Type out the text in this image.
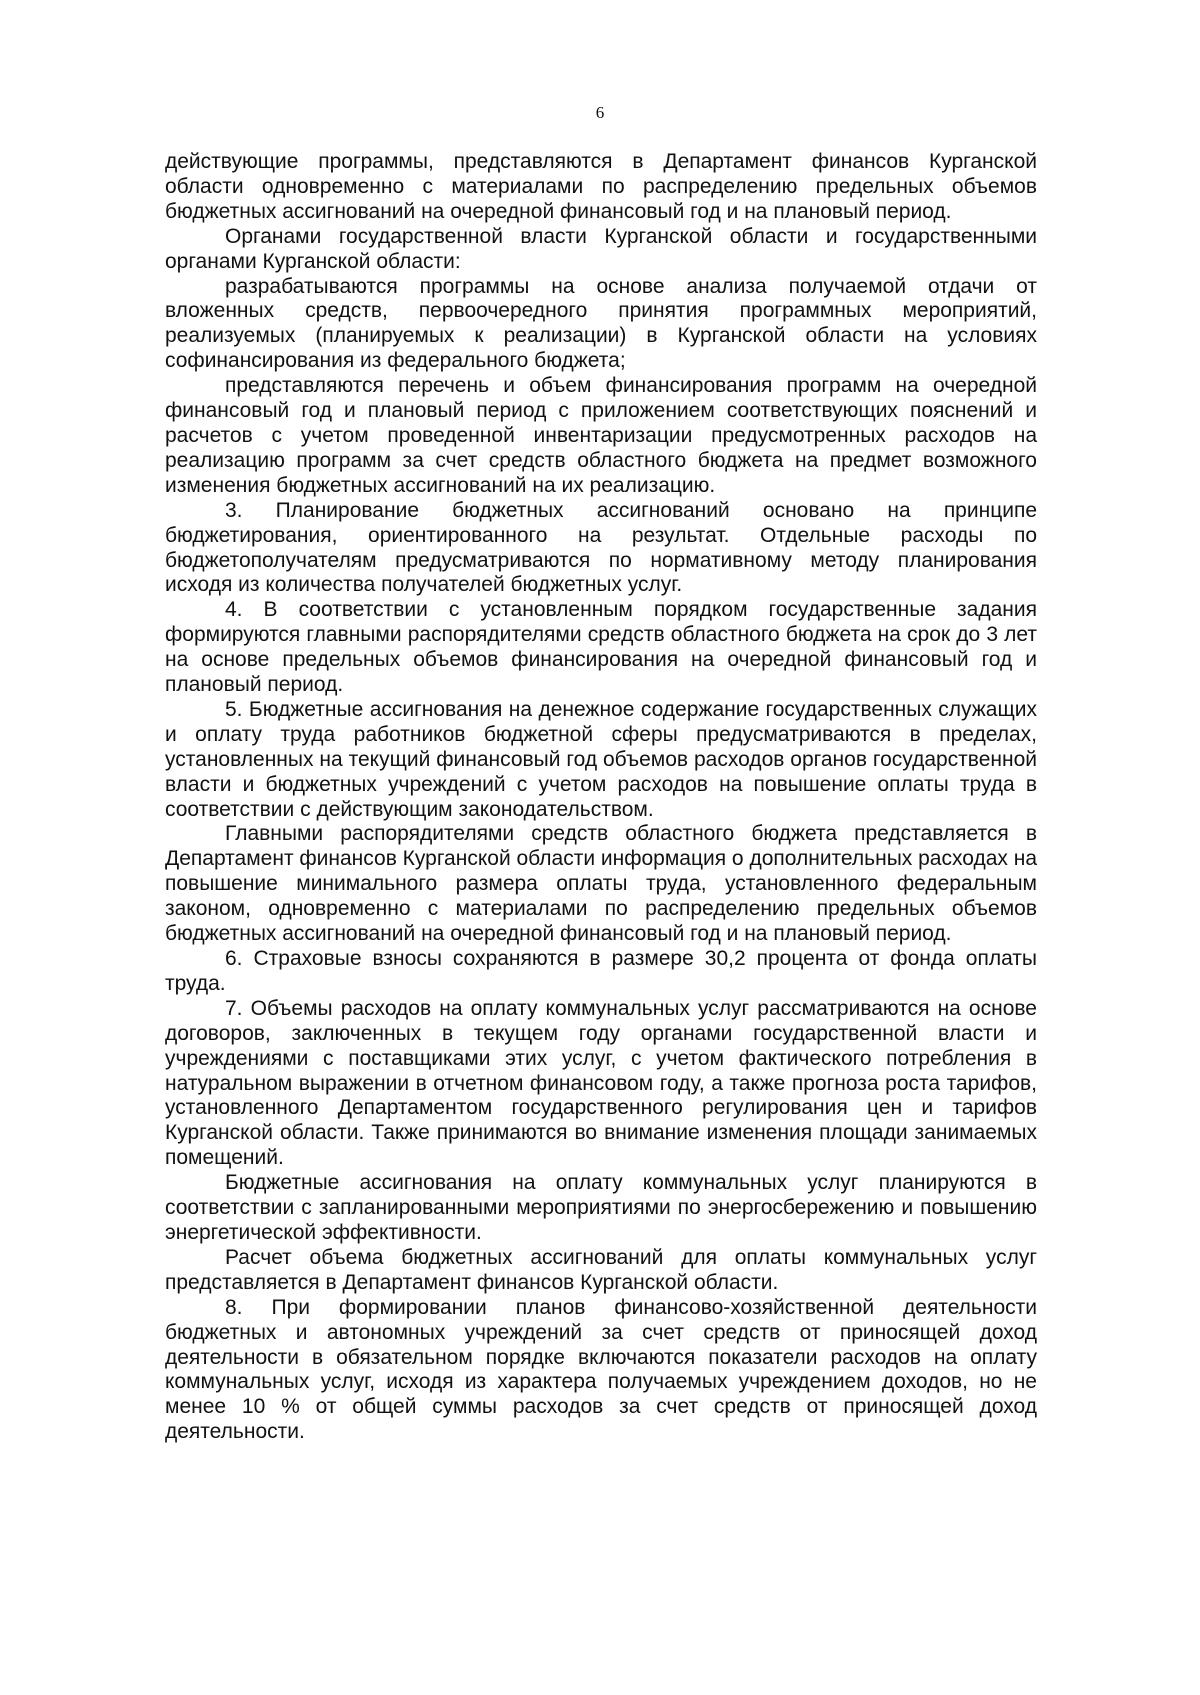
6

действующие программы, представляются в Департамент финансов Курганской области одновременно с материалами по распределению предельных объемов бюджетных ассигнований на очередной финансовый год и на плановый период.

Органами государственной власти Курганской области и государственными органами Курганской области:

разрабатываются программы на основе анализа получаемой отдачи от вложенных средств, первоочередного принятия программных мероприятий, реализуемых (планируемых к реализации) в Курганской области на условиях софинансирования из федерального бюджета;

представляются перечень и объем финансирования программ на очередной финансовый год и плановый период с приложением соответствующих пояснений и расчетов с учетом проведенной инвентаризации предусмотренных расходов на реализацию программ за счет средств областного бюджета на предмет возможного изменения бюджетных ассигнований на их реализацию.

3. Планирование бюджетных ассигнований основано на принципе бюджетирования, ориентированного на результат. Отдельные расходы по бюджетополучателям предусматриваются по нормативному методу планирования исходя из количества получателей бюджетных услуг.

4. В соответствии с установленным порядком государственные задания формируются главными распорядителями средств областного бюджета на срок до 3 лет на основе предельных объемов финансирования на очередной финансовый год и плановый период.

5. Бюджетные ассигнования на денежное содержание государственных служащих и оплату труда работников бюджетной сферы предусматриваются в пределах, установленных на текущий финансовый год объемов расходов органов государственной власти и бюджетных учреждений с учетом расходов на повышение оплаты труда в соответствии с действующим законодательством.

Главными распорядителями средств областного бюджета представляется в Департамент финансов Курганской области информация о дополнительных расходах на повышение минимального размера оплаты труда, установленного федеральным законом, одновременно с материалами по распределению предельных объемов бюджетных ассигнований на очередной финансовый год и на плановый период.

6. Страховые взносы сохраняются в размере 30,2 процента от фонда оплаты труда.

7. Объемы расходов на оплату коммунальных услуг рассматриваются на основе договоров, заключенных в текущем году органами государственной власти и учреждениями с поставщиками этих услуг, с учетом фактического потребления в натуральном выражении в отчетном финансовом году, а также прогноза роста тарифов, установленного Департаментом государственного регулирования цен и тарифов Курганской области. Также принимаются во внимание изменения площади занимаемых помещений.

Бюджетные ассигнования на оплату коммунальных услуг планируются в соответствии с запланированными мероприятиями по энергосбережению и повышению энергетической эффективности.

Расчет объема бюджетных ассигнований для оплаты коммунальных услуг представляется в Департамент финансов Курганской области.

8. При формировании планов финансово-хозяйственной деятельности бюджетных и автономных учреждений за счет средств от приносящей доход деятельности в обязательном порядке включаются показатели расходов на оплату коммунальных услуг, исходя из характера получаемых учреждением доходов, но не менее 10 % от общей суммы расходов за счет средств от приносящей доход деятельности.
